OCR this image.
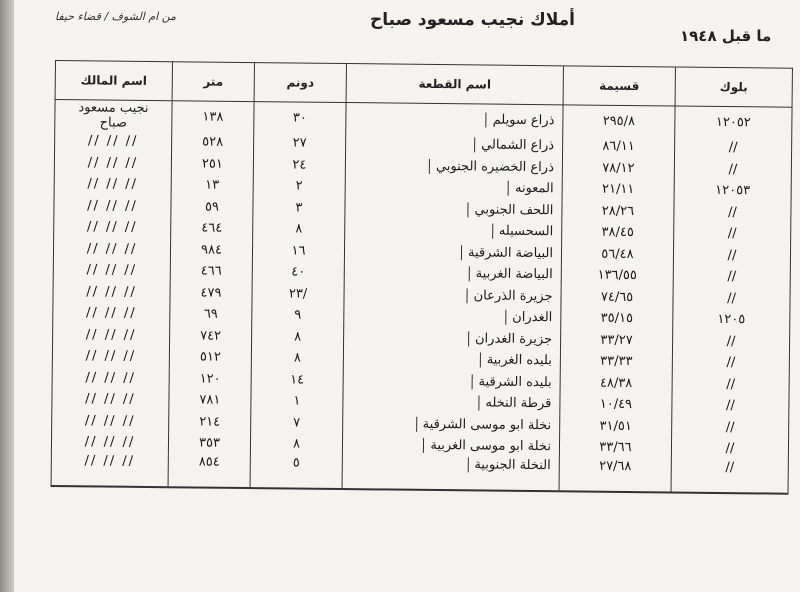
من ام الشوف / قضاء حيفا	أملاك نجيب مسعود صباح
ما قبل ١٩٤٨
بلوك	قسيمة	اسم القطعة	دونم	متر	اسم المالك
١٢٠٥٢	٢٩٥/٨	ذراع سويلم	٣٠	١٣٨	نجيب مسعود صباح
//	٨٦/١١	ذراع الشمالي	٢٧	٥٢٨	// // //
//	٧٨/١٢	ذراع الخضيره الجنوبي	٢٤	٢٥١	// // //
١٢٠٥٣	٢١/١١	المعونه	٢	١٣	// // //
//	٢٨/٢٦	اللحف الجنوبي	٣	٥٩	// // //
//	٣٨/٤٥	السحسيله	٨	٤٦٤	// // //
//	٥٦/٤٨	البياضة الشرقية	١٦	٩٨٤	// // //
//	١٣٦/٥٥	البياضة الغربية	٤٠	٤٦٦	// // //
//	٧٤/٦٥	جزيرة الذرعان	/٢٣	٤٧٩	// // //
١٢٠٥	٣٥/١٥	الغدران	٩	٦٩	// // //
//	٣٣/٢٧	جزيرة الغدران	٨	٧٤٢	// // //
//	٣٣/٣٣	بليده الغربية	٨	٥١٢	// // //
//	٤٨/٣٨	بليده الشرقية	١٤	١٢٠	// // //
//	١٠/٤٩	قرطة النخله	١	٧٨١	// // //
//	٣١/٥١	نخلة ابو موسى الشرقية	٧	٢١٤	// // //
//	٣٣/٦٦	نخلة ابو موسى الغربية	٨	٣٥٣	// // //
//	٢٧/٦٨	النخلة الجنوبية	٥	٨٥٤	// // //
